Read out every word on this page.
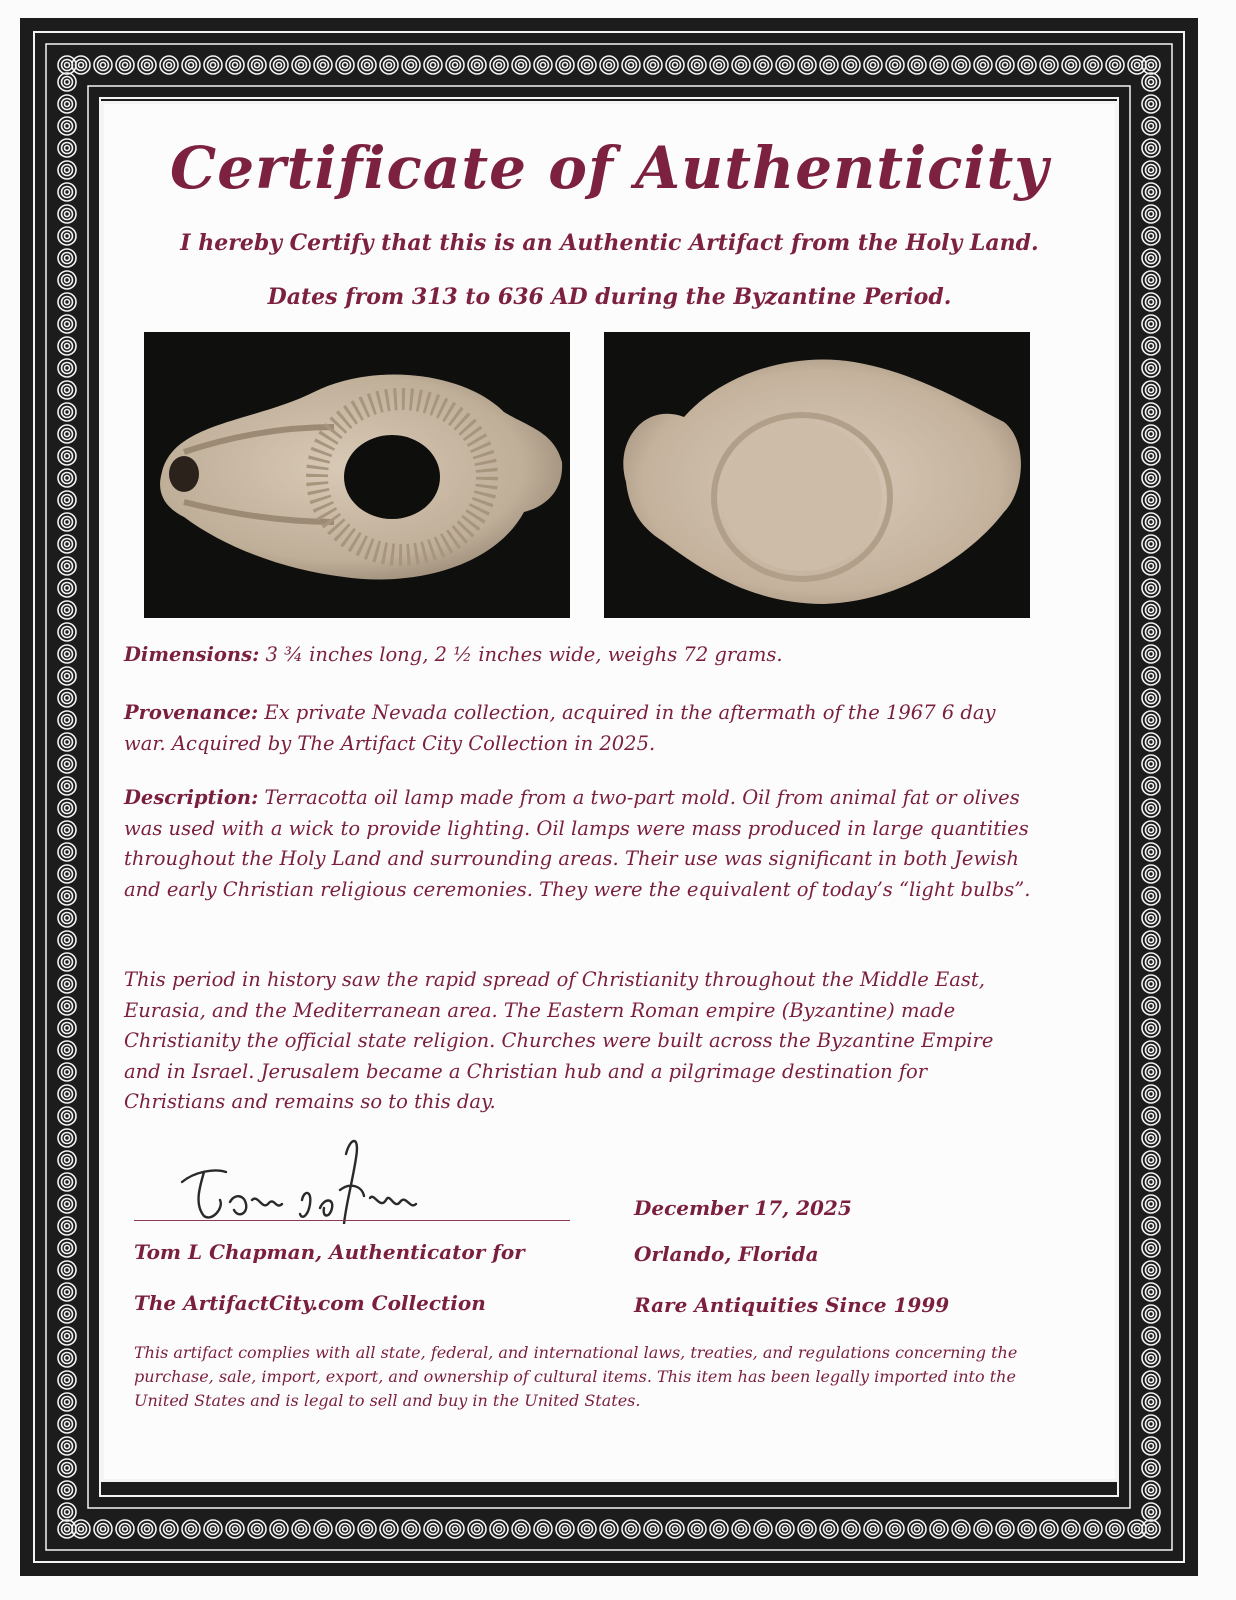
Certificate of Authenticity
I hereby Certify that this is an Authentic Artifact from the Holy Land.
Dates from 313 to 636 AD during the Byzantine Period.
Dimensions: 3 ¾ inches long, 2 ½ inches wide, weighs 72 grams.
Provenance: Ex private Nevada collection, acquired in the aftermath of the 1967 6 day war. Acquired by The Artifact City Collection in 2025.
Description: Terracotta oil lamp made from a two-part mold. Oil from animal fat or olives was used with a wick to provide lighting. Oil lamps were mass produced in large quantities throughout the Holy Land and surrounding areas. Their use was significant in both Jewish and early Christian religious ceremonies. They were the equivalent of today’s “light bulbs”.
This period in history saw the rapid spread of Christianity throughout the Middle East, Eurasia, and the Mediterranean area. The Eastern Roman empire (Byzantine) made Christianity the official state religion. Churches were built across the Byzantine Empire and in Israel. Jerusalem became a Christian hub and a pilgrimage destination for Christians and remains so to this day.
Tom L Chapman, Authenticator for
The ArtifactCity.com Collection
December 17, 2025
Orlando, Florida
Rare Antiquities Since 1999
This artifact complies with all state, federal, and international laws, treaties, and regulations concerning the purchase, sale, import, export, and ownership of cultural items. This item has been legally imported into the United States and is legal to sell and buy in the United States.
